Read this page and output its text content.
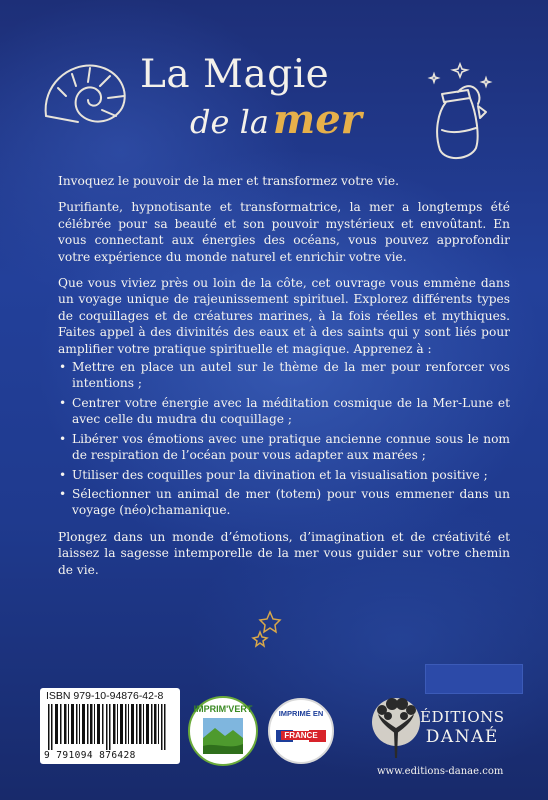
La Magie
de la mer

Invoquez le pouvoir de la mer et transformez votre vie.

Purifiante, hypnotisante et transformatrice, la mer a longtemps été célébrée pour sa beauté et son pouvoir mystérieux et envoûtant. En vous connectant aux énergies des océans, vous pouvez approfondir votre expérience du monde naturel et enrichir votre vie.

Que vous viviez près ou loin de la côte, cet ouvrage vous emmène dans un voyage unique de rajeunissement spirituel. Explorez différents types de coquillages et de créatures marines, à la fois réelles et mythiques. Faites appel à des divinités des eaux et à des saints qui y sont liés pour amplifier votre pratique spirituelle et magique. Apprenez à :

• Mettre en place un autel sur le thème de la mer pour renforcer vos intentions ;
• Centrer votre énergie avec la méditation cosmique de la Mer-Lune et avec celle du mudra du coquillage ;
• Libérer vos émotions avec une pratique ancienne connue sous le nom de respiration de l’océan pour vous adapter aux marées ;
• Utiliser des coquilles pour la divination et la visualisation positive ;
• Sélectionner un animal de mer (totem) pour vous emmener dans un voyage (néo)chamanique.

Plongez dans un monde d’émotions, d’imagination et de créativité et laissez la sagesse intemporelle de la mer vous guider sur votre chemin de vie.

ISBN 979-10-94876-42-8
9 791094 876428
IMPRIM'VERT	IMPRIMÉ EN
FRANCE
ÉDITIONS
DANAÉ
www.editions-danae.com
